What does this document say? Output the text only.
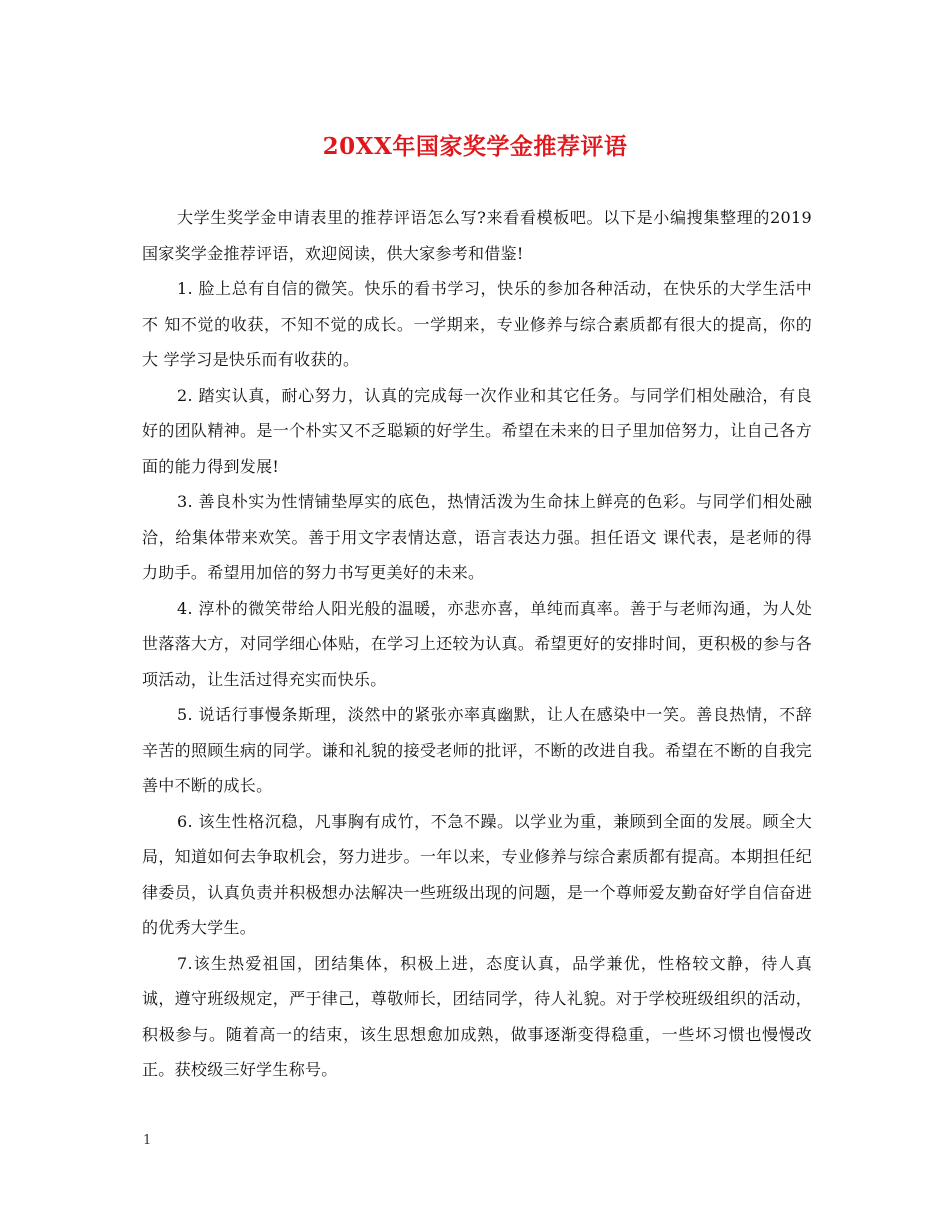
20XX年国家奖学金推荐评语

大学生奖学金申请表里的推荐评语怎么写?来看看模板吧。以下是小编搜集整理的2019国家奖学金推荐评语，欢迎阅读，供大家参考和借鉴!

1. 脸上总有自信的微笑。快乐的看书学习，快乐的参加各种活动，在快乐的大学生活中不 知不觉的收获，不知不觉的成长。一学期来，专业修养与综合素质都有很大的提高，你的大 学学习是快乐而有收获的。

2. 踏实认真，耐心努力，认真的完成每一次作业和其它任务。与同学们相处融洽，有良好的团队精神。是一个朴实又不乏聪颖的好学生。希望在未来的日子里加倍努力，让自己各方面的能力得到发展!

3. 善良朴实为性情铺垫厚实的底色，热情活泼为生命抹上鲜亮的色彩。与同学们相处融洽，给集体带来欢笑。善于用文字表情达意，语言表达力强。担任语文 课代表，是老师的得力助手。希望用加倍的努力书写更美好的未来。

4. 淳朴的微笑带给人阳光般的温暖，亦悲亦喜，单纯而真率。善于与老师沟通，为人处世落落大方，对同学细心体贴，在学习上还较为认真。希望更好的安排时间，更积极的参与各项活动，让生活过得充实而快乐。

5. 说话行事慢条斯理，淡然中的紧张亦率真幽默，让人在感染中一笑。善良热情，不辞辛苦的照顾生病的同学。谦和礼貌的接受老师的批评，不断的改进自我。希望在不断的自我完善中不断的成长。

6. 该生性格沉稳，凡事胸有成竹，不急不躁。以学业为重，兼顾到全面的发展。顾全大局，知道如何去争取机会，努力进步。一年以来，专业修养与综合素质都有提高。本期担任纪律委员，认真负责并积极想办法解决一些班级出现的问题，是一个尊师爱友勤奋好学自信奋进的优秀大学生。

7.该生热爱祖国，团结集体，积极上进，态度认真，品学兼优，性格较文静，待人真诚，遵守班级规定，严于律己，尊敬师长，团结同学，待人礼貌。对于学校班级组织的活动，积极参与。随着高一的结束，该生思想愈加成熟，做事逐渐变得稳重，一些坏习惯也慢慢改正。获校级三好学生称号。

1
